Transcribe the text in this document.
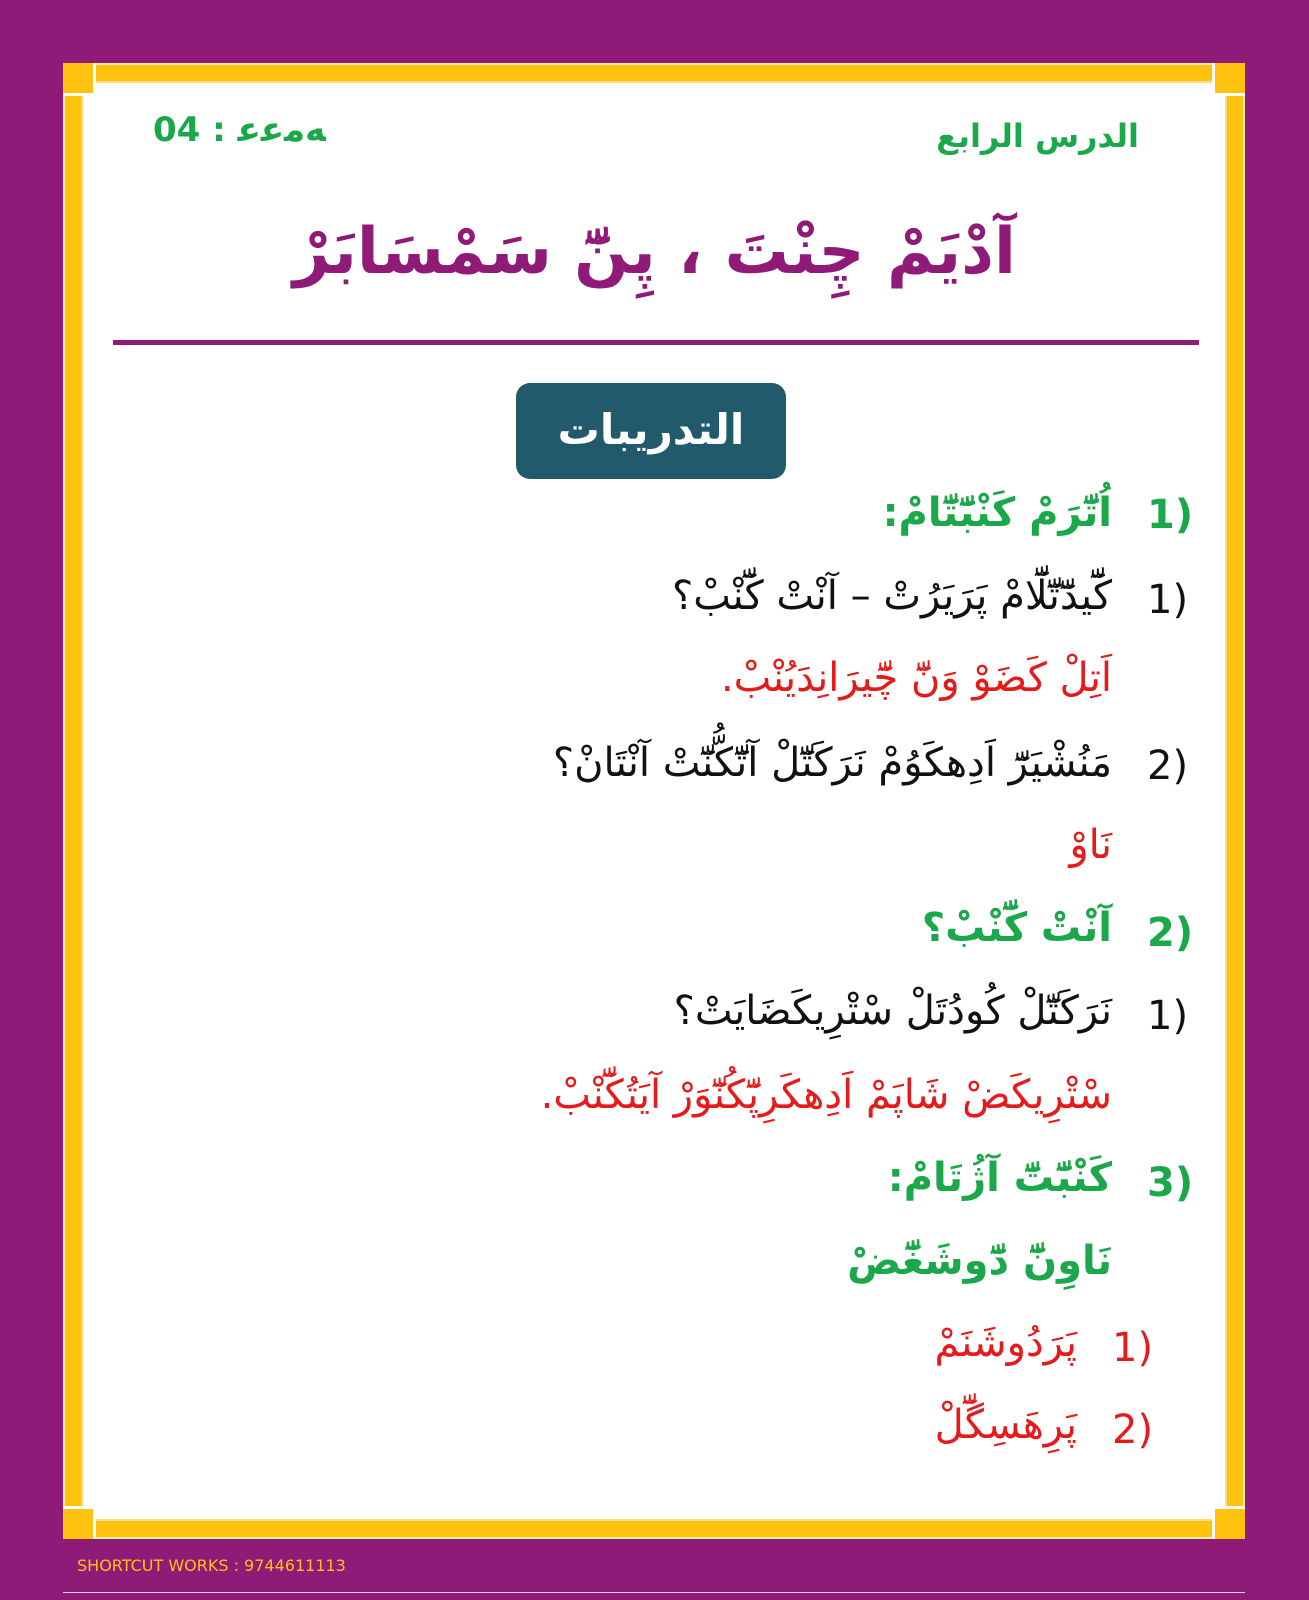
الدرس الرابع
ﻪﻣﻋﻋ : 04
آدْيَمْ چِنْتَ ، پِنّٓ سَمْسَابَرْ
التدريبات
1)
اُتّٓرَمْ كَنْبّٓتّٓامْ:
1)
كّٓيدّٓتّٓلّٓامْ پَرَيَرُتْ – آنْتْ كّٓنْبْ؟
اَتِلْ كَضَوْ وَنّٓ چّٓيرَانِدَيُنْبْ.
2)
مَنُشْيَرّٓ اَدِهكَوُمْ نَرَكَتّٓلْ آتّٓكُّنّٓتْ آنْتَانْ؟
نَاوْ
2)
آنْتْ كّٓنْبْ؟
1)
نَرَكَتّٓلْ كُودُتَلْ سْتْرِيكَضَايَتْ؟
سْتْرِيكَضْ شَاپَمْ اَدِهكَرِپّٓكُنّٓوَرْ آيَتُكّٓنْبْ.
3)
كَنْبّٓتّٓ آژُتَامْ:
نَاوِنّٓ دّٓوشَغّٓضْ
1)
پَرَدُوشَنَمْ
2)
پَرِهَسِگّٓلْ
SHORTCUT WORKS : 9744611113
